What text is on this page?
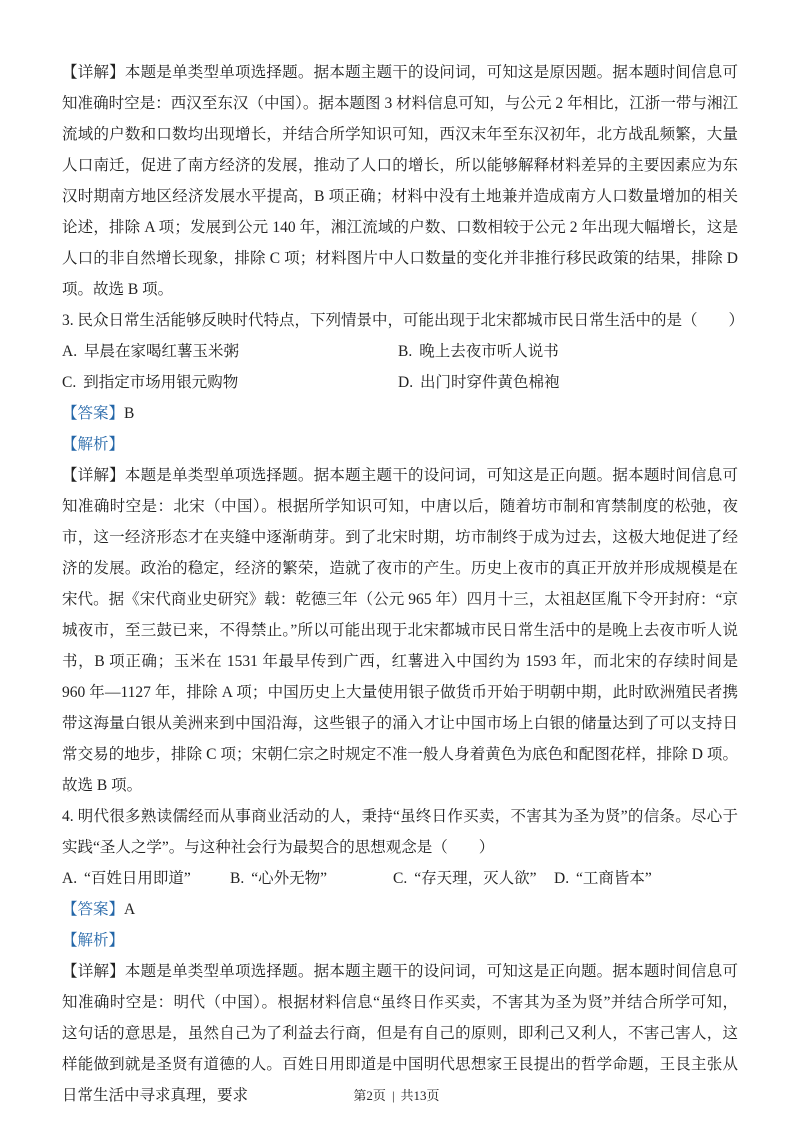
【详解】本题是单类型单项选择题。据本题主题干的设问词，可知这是原因题。据本题时间信息可知准确时空是：西汉至东汉（中国）。据本题图 3 材料信息可知，与公元 2 年相比，江浙一带与湘江流域的户数和口数均出现增长，并结合所学知识可知，西汉末年至东汉初年，北方战乱频繁，大量人口南迁，促进了南方经济的发展，推动了人口的增长，所以能够解释材料差异的主要因素应为东汉时期南方地区经济发展水平提高，B 项正确；材料中没有土地兼并造成南方人口数量增加的相关论述，排除 A 项；发展到公元 140 年，湘江流域的户数、口数相较于公元 2 年出现大幅增长，这是人口的非自然增长现象，排除 C 项；材料图片中人口数量的变化并非推行移民政策的结果，排除 D 项。故选 B 项。

3. 民众日常生活能够反映时代特点，下列情景中，可能出现于北宋都城市民日常生活中的是（　　）

A. 早晨在家喝红薯玉米粥	B. 晚上去夜市听人说书
C. 到指定市场用银元购物	D. 出门时穿件黄色棉袍

【答案】B

【解析】

【详解】本题是单类型单项选择题。据本题主题干的设问词，可知这是正向题。据本题时间信息可知准确时空是：北宋（中国）。根据所学知识可知，中唐以后，随着坊市制和宵禁制度的松弛，夜市，这一经济形态才在夹缝中逐渐萌芽。到了北宋时期，坊市制终于成为过去，这极大地促进了经济的发展。政治的稳定，经济的繁荣，造就了夜市的产生。历史上夜市的真正开放并形成规模是在宋代。据《宋代商业史研究》载：乾德三年（公元 965 年）四月十三，太祖赵匡胤下令开封府：“京城夜市，至三鼓已来，不得禁止。”所以可能出现于北宋都城市民日常生活中的是晚上去夜市听人说书，B 项正确；玉米在 1531 年最早传到广西，红薯进入中国约为 1593 年，而北宋的存续时间是 960 年—1127 年，排除 A 项；中国历史上大量使用银子做货币开始于明朝中期，此时欧洲殖民者携带这海量白银从美洲来到中国沿海，这些银子的涌入才让中国市场上白银的储量达到了可以支持日常交易的地步，排除 C 项；宋朝仁宗之时规定不准一般人身着黄色为底色和配图花样，排除 D 项。故选 B 项。

4. 明代很多熟读儒经而从事商业活动的人，秉持“虽终日作买卖，不害其为圣为贤”的信条。尽心于实践“圣人之学”。与这种社会行为最契合的思想观念是（　　）

A. “百姓日用即道”	B. “心外无物”	C. “存天理，灭人欲”	D. “工商皆本”

【答案】A

【解析】

【详解】本题是单类型单项选择题。据本题主题干的设问词，可知这是正向题。据本题时间信息可知准确时空是：明代（中国）。根据材料信息“虽终日作买卖，不害其为圣为贤”并结合所学可知， 这句话的意思是，虽然自己为了利益去行商，但是有自己的原则，即利己又利人，不害己害人，这样能做到就是圣贤有道德的人。百姓日用即道是中国明代思想家王艮提出的哲学命题，王艮主张从日常生活中寻求真理，要求	第2页 | 共13页
